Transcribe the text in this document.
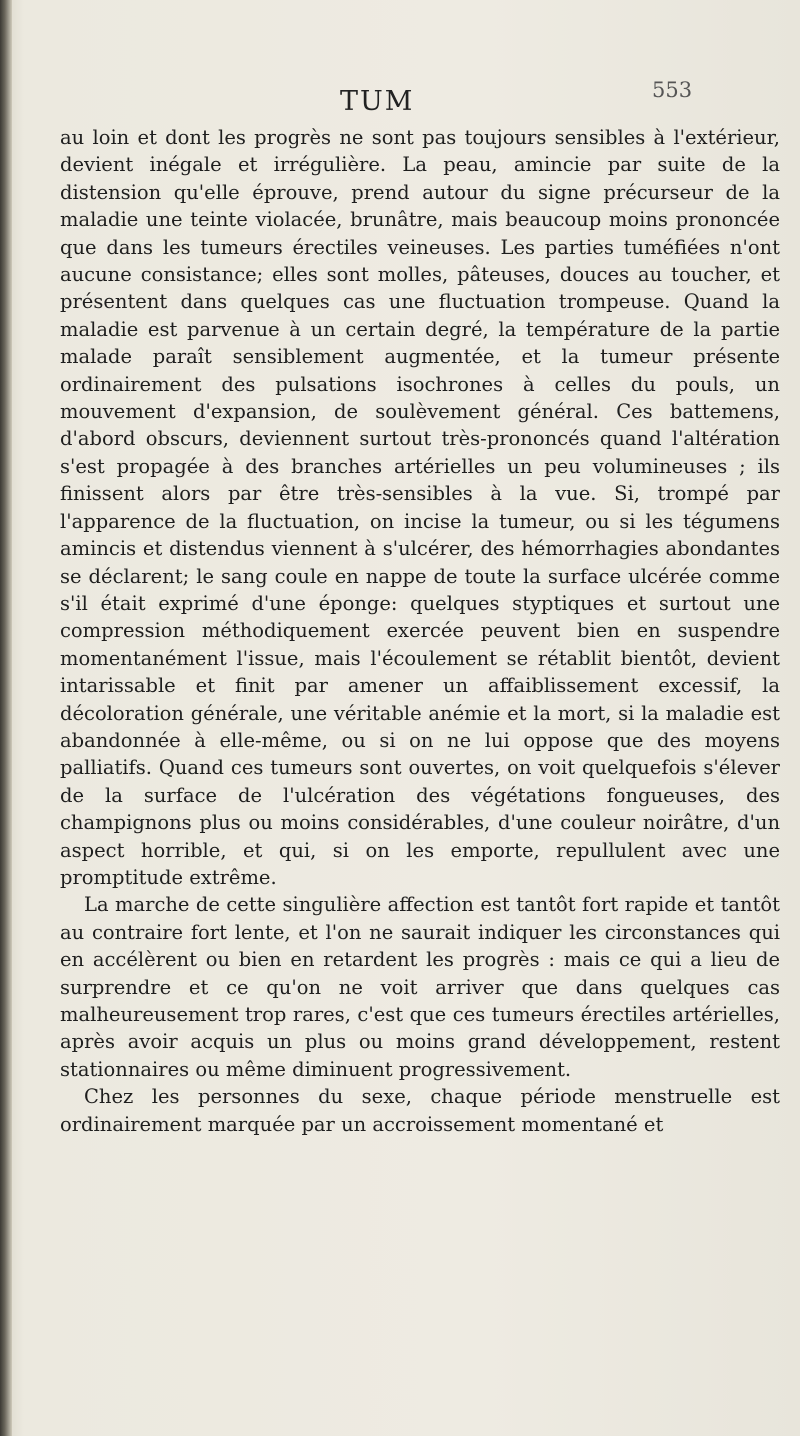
TUM	553

au loin et dont les progrès ne sont pas toujours sensibles à l'extérieur, devient inégale et irrégulière. La peau, amincie par suite de la distension qu'elle éprouve, prend autour du signe précurseur de la maladie une teinte violacée, brunâtre, mais beaucoup moins prononcée que dans les tumeurs érectiles veineuses. Les parties tuméfiées n'ont aucune consistance; elles sont molles, pâteuses, douces au toucher, et présentent dans quelques cas une fluctuation trompeuse. Quand la maladie est parvenue à un certain degré, la température de la partie malade paraît sensiblement augmentée, et la tumeur présente ordinairement des pulsations isochrones à celles du pouls, un mouvement d'expansion, de soulèvement général. Ces battemens, d'abord obscurs, deviennent surtout très-prononcés quand l'altération s'est propagée à des branches artérielles un peu volumineuses ; ils finissent alors par être très-sensibles à la vue. Si, trompé par l'apparence de la fluctuation, on incise la tumeur, ou si les tégumens amincis et distendus viennent à s'ulcérer, des hémorrhagies abondantes se déclarent; le sang coule en nappe de toute la surface ulcérée comme s'il était exprimé d'une éponge: quelques styptiques et surtout une compression méthodiquement exercée peuvent bien en suspendre momentanément l'issue, mais l'écoulement se rétablit bientôt, devient intarissable et finit par amener un affaiblissement excessif, la décoloration générale, une véritable anémie et la mort, si la maladie est abandonnée à elle-même, ou si on ne lui oppose que des moyens palliatifs. Quand ces tumeurs sont ouvertes, on voit quelquefois s'élever de la surface de l'ulcération des végétations fongueuses, des champignons plus ou moins considérables, d'une couleur noirâtre, d'un aspect horrible, et qui, si on les emporte, repullulent avec une promptitude extrême.

La marche de cette singulière affection est tantôt fort rapide et tantôt au contraire fort lente, et l'on ne saurait indiquer les circonstances qui en accélèrent ou bien en retardent les progrès : mais ce qui a lieu de surprendre et ce qu'on ne voit arriver que dans quelques cas malheureusement trop rares, c'est que ces tumeurs érectiles artérielles, après avoir acquis un plus ou moins grand développement, restent stationnaires ou même diminuent progressivement.

Chez les personnes du sexe, chaque période menstruelle est ordinairement marquée par un accroissement momentané et
